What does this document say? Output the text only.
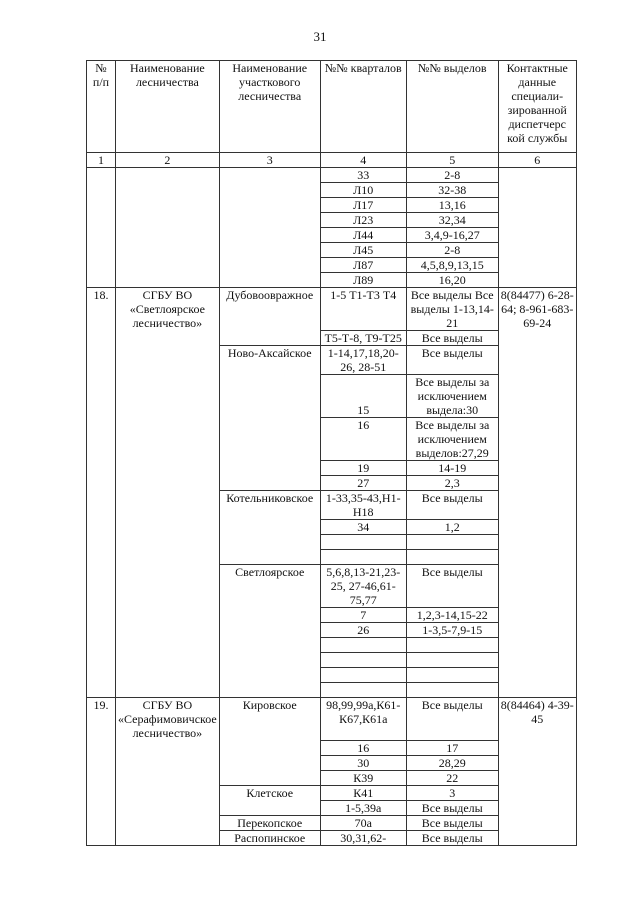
31
№ п/п	Наименование лесничества	Наименование участкового лесничества	№№ кварталов	№№ выделов	Контактные данные специали-зированной диспетчерс кой службы
1	2	3	4	5	6
			33	2-8	
			Л10	32-38	
			Л17	13,16	
			Л23	32,34	
			Л44	3,4,9-16,27	
			Л45	2-8	
			Л87	4,5,8,9,13,15	
			Л89	16,20	
18.	СГБУ ВО «Светлоярское лесничество»	Дубовоовражное	1-5 Т1-Т3 Т4	Все выделы Все выделы 1-13,14-21	8(84477) 6-28-64; 8-961-683-69-24
			Т5-Т-8, Т9-Т25	Все выделы	
		Ново-Аксайское	1-14,17,18,20-26, 28-51	Все выделы	
			15	Все выделы за исключением выдела:30	
			16	Все выделы за исключением выделов:27,29	
			19	14-19	
			27	2,3	
		Котельниковское	1-33,35-43,Н1-Н18	Все выделы	
			34	1,2	

		Светлоярское	5,6,8,13-21,23-25, 27-46,61-75,77	Все выделы	
			7	1,2,3-14,15-22	
			26	1-3,5-7,9-15	

19.	СГБУ ВО «Серафимовичское лесничество»	Кировское	98,99,99а,К61-К67,К61а	Все выделы	8(84464) 4-39-45
			16	17	
			30	28,29	
			К39	22	
		Клетское	К41	3	
			1-5,39а	Все выделы	
		Перекопское	70а	Все выделы	
		Распопинское	30,31,62-	Все выделы	
